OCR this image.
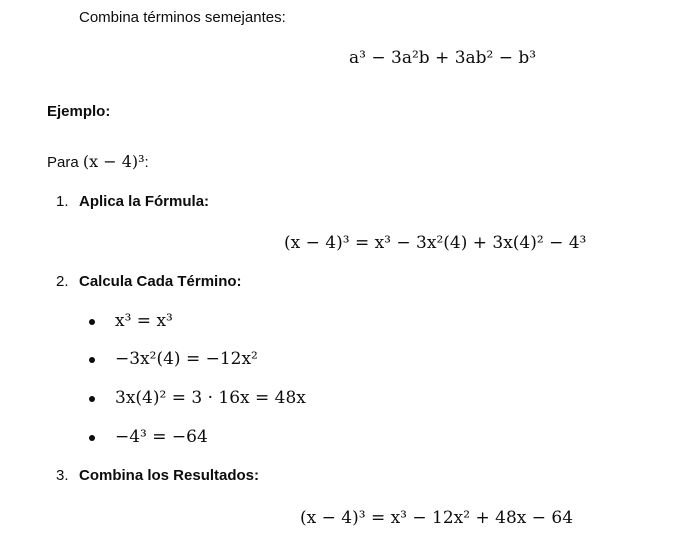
Combina términos semejantes:
a³ − 3a²b + 3ab² − b³
Ejemplo:
Para (x − 4)³:
1. Aplica la Fórmula:
(x − 4)³ = x³ − 3x²(4) + 3x(4)² − 4³
2. Calcula Cada Término:
x³ = x³
−3x²(4) = −12x²
3x(4)² = 3 · 16x = 48x
−4³ = −64
3. Combina los Resultados:
(x − 4)³ = x³ − 12x² + 48x − 64
